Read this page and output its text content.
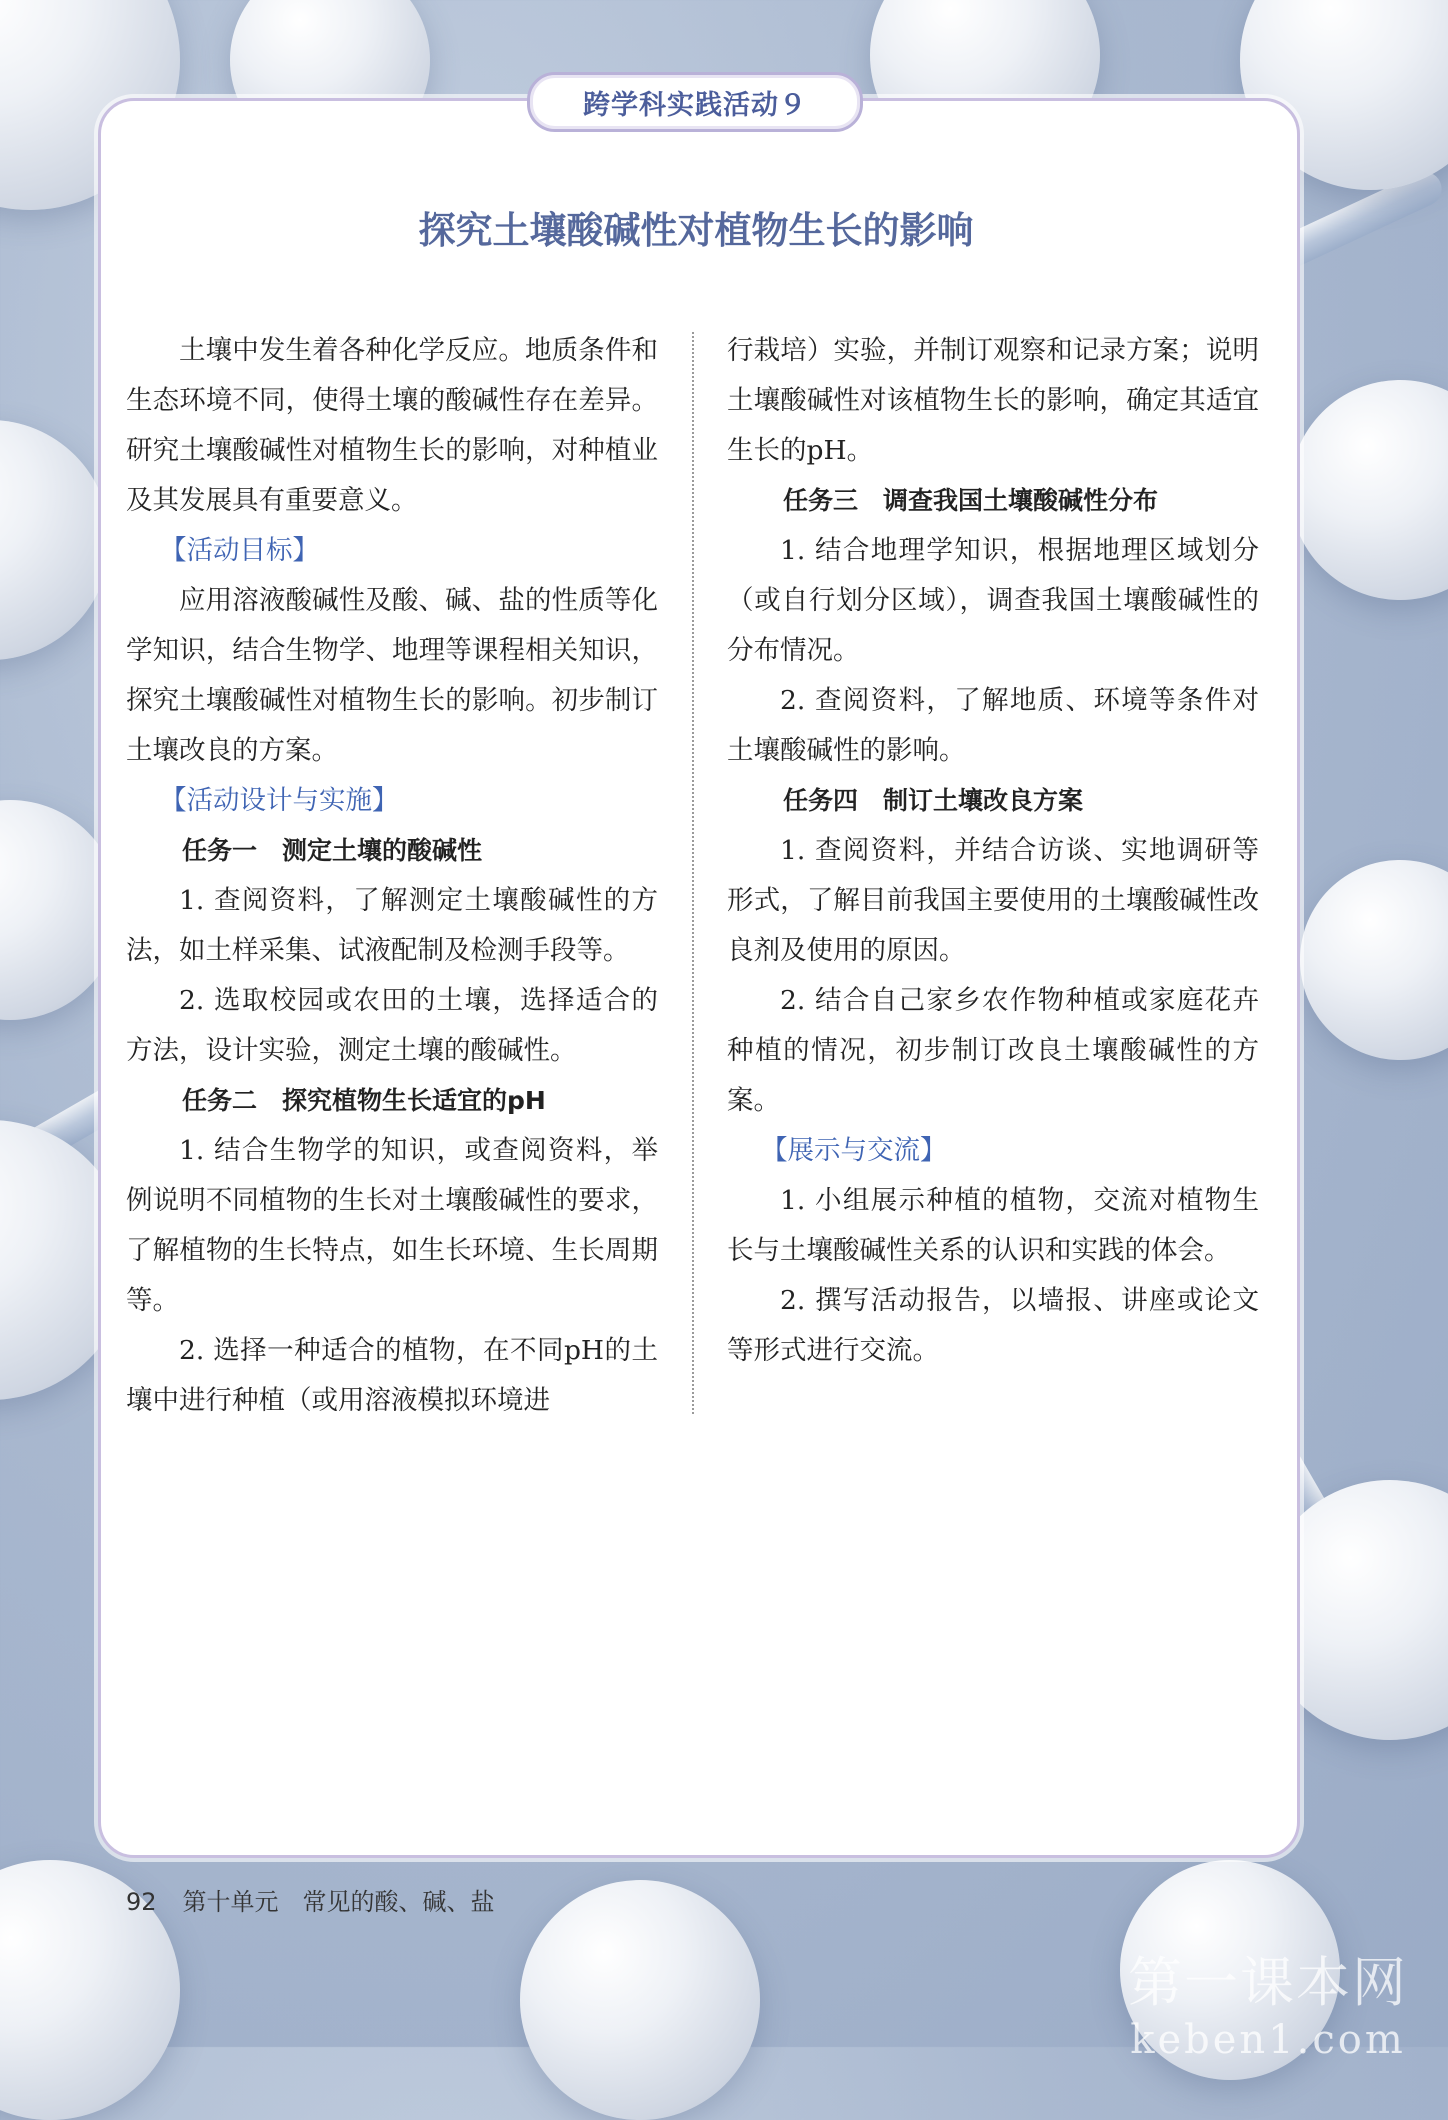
跨学科实践活动９
探究土壤酸碱性对植物生长的影响

土壤中发生着各种化学反应。地质条件和生态环境不同，使得土壤的酸碱性存在差异。研究土壤酸碱性对植物生长的影响，对种植业及其发展具有重要意义。

【活动目标】

应用溶液酸碱性及酸、碱、盐的性质等化学知识，结合生物学、地理等课程相关知识，探究土壤酸碱性对植物生长的影响。初步制订土壤改良的方案。

【活动设计与实施】

任务一　测定土壤的酸碱性

1. 查阅资料，了解测定土壤酸碱性的方法，如土样采集、试液配制及检测手段等。

2. 选取校园或农田的土壤，选择适合的方法，设计实验，测定土壤的酸碱性。

任务二　探究植物生长适宜的pH

1. 结合生物学的知识，或查阅资料，举例说明不同植物的生长对土壤酸碱性的要求，了解植物的生长特点，如生长环境、生长周期等。

2. 选择一种适合的植物，在不同pH的土壤中进行种植（或用溶液模拟环境进

行栽培）实验，并制订观察和记录方案；说明土壤酸碱性对该植物生长的影响，确定其适宜生长的pH。

任务三　调查我国土壤酸碱性分布

1. 结合地理学知识，根据地理区域划分（或自行划分区域），调查我国土壤酸碱性的分布情况。

2. 查阅资料，了解地质、环境等条件对土壤酸碱性的影响。

任务四　制订土壤改良方案

1. 查阅资料，并结合访谈、实地调研等形式，了解目前我国主要使用的土壤酸碱性改良剂及使用的原因。

2. 结合自己家乡农作物种植或家庭花卉种植的情况，初步制订改良土壤酸碱性的方案。

【展示与交流】

1. 小组展示种植的植物，交流对植物生长与土壤酸碱性关系的认识和实践的体会。

2. 撰写活动报告，以墙报、讲座或论文等形式进行交流。

92 第十单元　常见的酸、碱、盐
第一课本网
keben1.com
